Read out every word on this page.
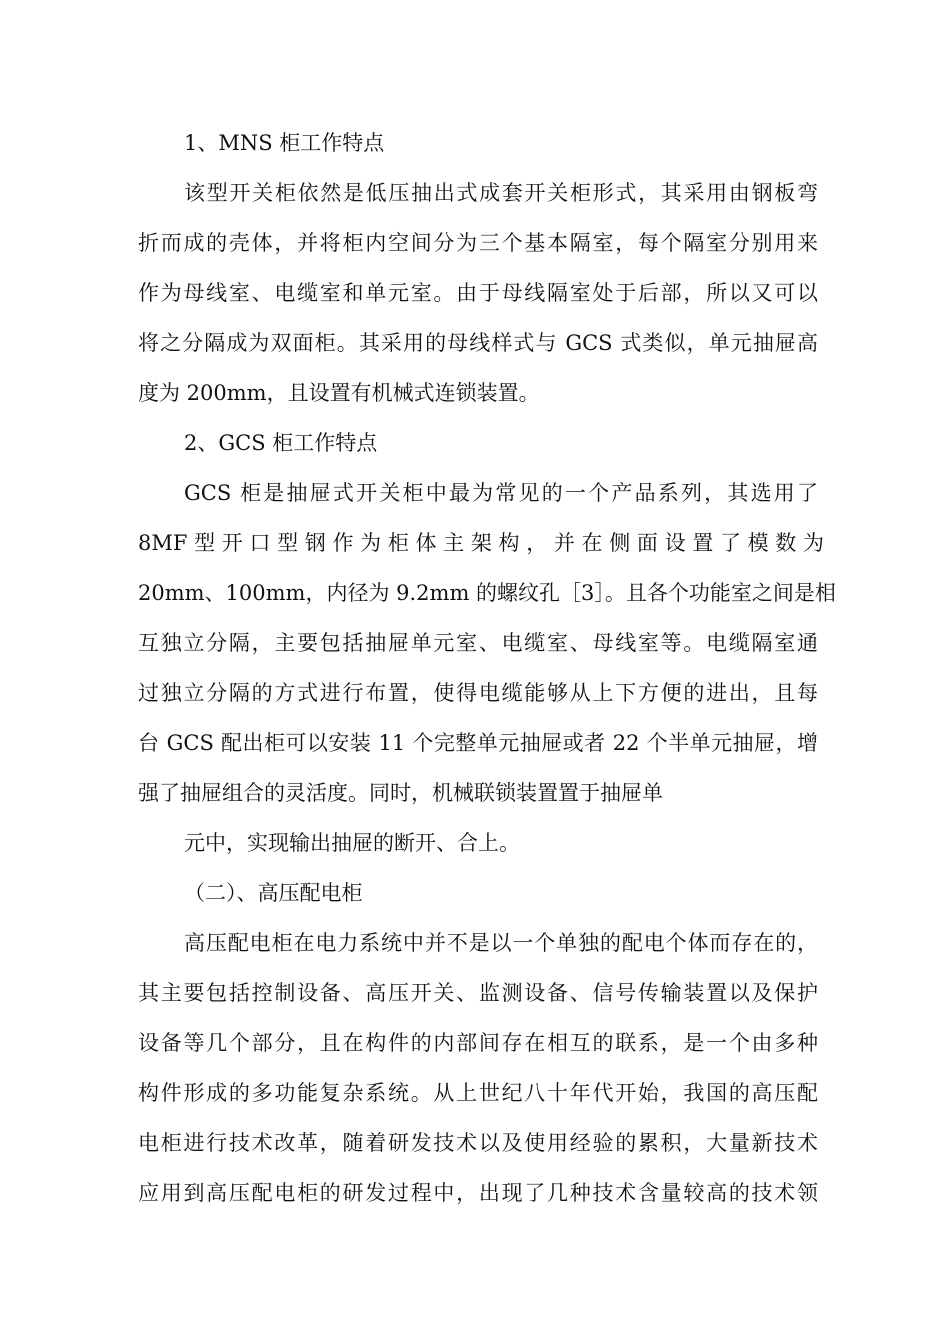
1、MNS 柜工作特点
该型开关柜依然是低压抽出式成套开关柜形式，其采用由钢板弯
折而成的壳体，并将柜内空间分为三个基本隔室，每个隔室分别用来
作为母线室、电缆室和单元室。由于母线隔室处于后部，所以又可以
将之分隔成为双面柜。其采用的母线样式与 GCS 式类似，单元抽屉高
度为 200mm，且设置有机械式连锁装置。
2、GCS 柜工作特点
GCS 柜是抽屉式开关柜中最为常见的一个产品系列，其选用了
8MF 型 开 口 型 钢 作 为 柜 体 主 架 构 ， 并 在 侧 面 设 置 了 模 数 为
20mm、100mm，内径为 9.2mm 的螺纹孔［3］。且各个功能室之间是相
互独立分隔，主要包括抽屉单元室、电缆室、母线室等。电缆隔室通
过独立分隔的方式进行布置，使得电缆能够从上下方便的进出，且每
台 GCS 配出柜可以安装 11 个完整单元抽屉或者 22 个半单元抽屉，增
强了抽屉组合的灵活度。同时，机械联锁装置置于抽屉单
元中，实现输出抽屉的断开、合上。
（二）、高压配电柜
高压配电柜在电力系统中并不是以一个单独的配电个体而存在的，
其主要包括控制设备、高压开关、监测设备、信号传输装置以及保护
设备等几个部分，且在构件的内部间存在相互的联系，是一个由多种
构件形成的多功能复杂系统。从上世纪八十年代开始，我国的高压配
电柜进行技术改革，随着研发技术以及使用经验的累积，大量新技术
应用到高压配电柜的研发过程中，出现了几种技术含量较高的技术领
